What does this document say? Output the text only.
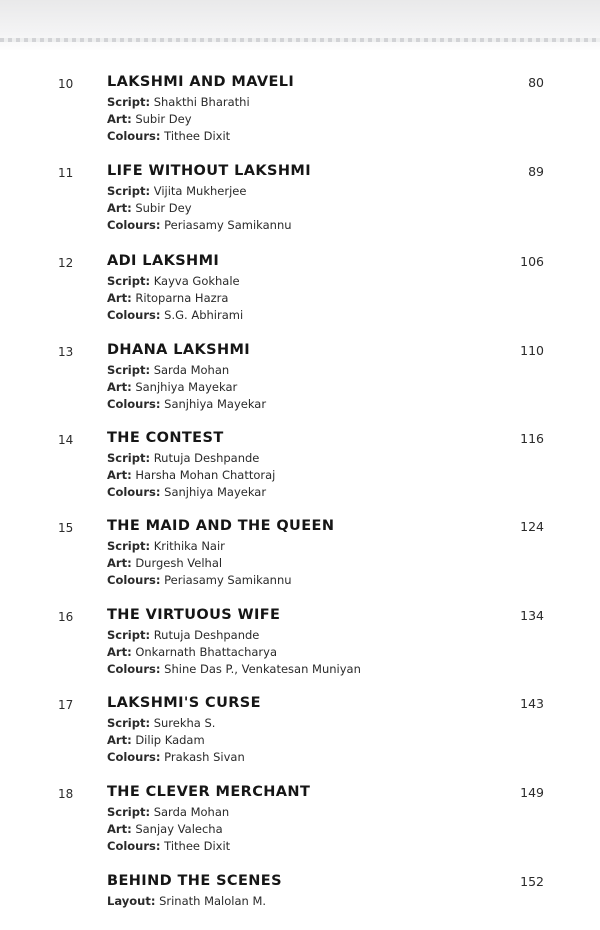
10	LAKSHMI AND MAVELI	80
Script: Shakthi Bharathi
Art: Subir Dey
Colours: Tithee Dixit
11	LIFE WITHOUT LAKSHMI	89
Script: Vijita Mukherjee
Art: Subir Dey
Colours: Periasamy Samikannu
12	ADI LAKSHMI	106
Script: Kayva Gokhale
Art: Ritoparna Hazra
Colours: S.G. Abhirami
13	DHANA LAKSHMI	110
Script: Sarda Mohan
Art: Sanjhiya Mayekar
Colours: Sanjhiya Mayekar
14	THE CONTEST	116
Script: Rutuja Deshpande
Art: Harsha Mohan Chattoraj
Colours: Sanjhiya Mayekar
15	THE MAID AND THE QUEEN	124
Script: Krithika Nair
Art: Durgesh Velhal
Colours: Periasamy Samikannu
16	THE VIRTUOUS WIFE	134
Script: Rutuja Deshpande
Art: Onkarnath Bhattacharya
Colours: Shine Das P., Venkatesan Muniyan
17	LAKSHMI'S CURSE	143
Script: Surekha S.
Art: Dilip Kadam
Colours: Prakash Sivan
18	THE CLEVER MERCHANT	149
Script: Sarda Mohan
Art: Sanjay Valecha
Colours: Tithee Dixit
BEHIND THE SCENES	152
Layout: Srinath Malolan M.
